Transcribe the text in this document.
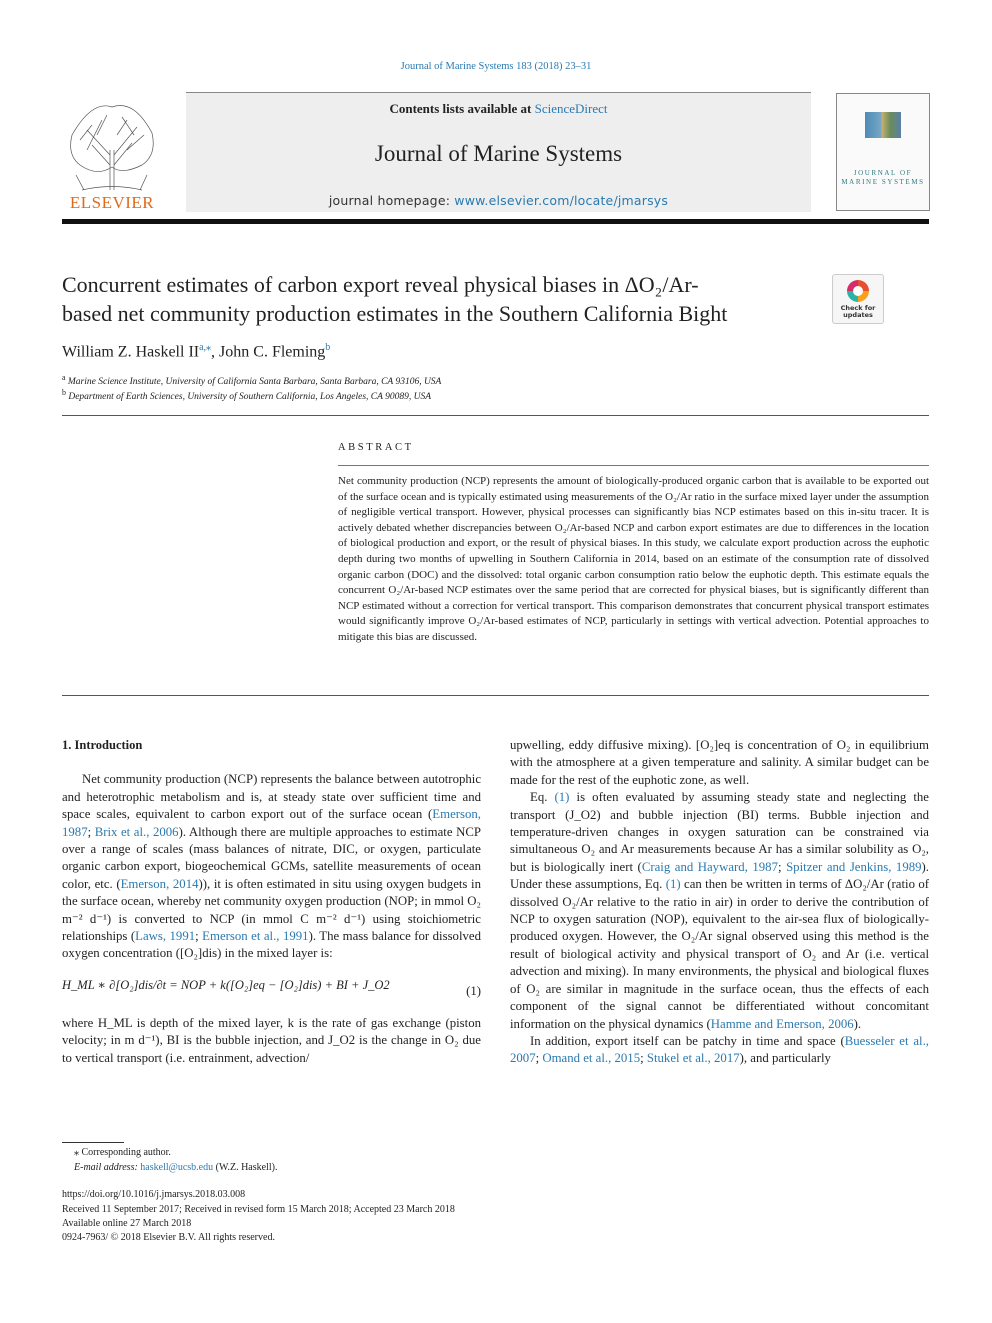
Journal of Marine Systems 183 (2018) 23–31
ELSEVIER
Contents lists available at ScienceDirect
Journal of Marine Systems
journal homepage: www.elsevier.com/locate/jmarsys
JOURNAL OF MARINE SYSTEMS
Concurrent estimates of carbon export reveal physical biases in ΔO₂/Ar-
based net community production estimates in the Southern California Bight	Check for updates
William Z. Haskell $II^{a,⁎}$, John C. Fleming$^b$
$^a$ Marine Science Institute, University of California Santa Barbara, Santa Barbara, CA 93106, USA
$^b$ Department of Earth Sciences, University of Southern California, Los Angeles, CA 90089, USA
ABSTRACT
Net community production (NCP) represents the amount of biologically-produced organic carbon that is available to be exported out of the surface ocean and is typically estimated using measurements of the O₂/Ar ratio in the surface mixed layer under the assumption of negligible vertical transport. However, physical processes can significantly bias NCP estimates based on this in-situ tracer. It is actively debated whether discrepancies between O₂/Ar-based NCP and carbon export estimates are due to differences in the location of biological production and export, or the result of physical biases. In this study, we calculate export production across the euphotic depth during two months of upwelling in Southern California in 2014, based on an estimate of the consumption rate of dissolved organic carbon (DOC) and the dissolved: total organic carbon consumption ratio below the euphotic depth. This estimate equals the concurrent O₂/Ar-based NCP estimates over the same period that are corrected for physical biases, but is significantly different than NCP estimated without a correction for vertical transport. This comparison demonstrates that concurrent physical transport estimates would significantly improve O₂/Ar-based estimates of NCP, particularly in settings with vertical advection. Potential approaches to mitigate this bias are discussed.
1. Introduction

Net community production (NCP) represents the balance between autotrophic and heterotrophic metabolism and is, at steady state over sufficient time and space scales, equivalent to carbon export out of the surface ocean (Emerson, 1987; Brix et al., 2006). Although there are multiple approaches to estimate NCP over a range of scales (mass balances of nitrate, DIC, or oxygen, particulate organic carbon export, biogeochemical GCMs, satellite measurements of ocean color, etc. (Emerson, 2014)), it is often estimated in situ using oxygen budgets in the surface ocean, whereby net community oxygen production (NOP; in mmol O₂ m⁻² d⁻¹) is converted to NCP (in mmol C m⁻² d⁻¹) using stoichiometric relationships (Laws, 1991; Emerson et al., 1991). The mass balance for dissolved oxygen concentration ([O₂]dis) in the mixed layer is:

H_ML ∗ ∂[O₂]dis/∂t = NOP + k([O₂]eq − [O₂]dis) + BI + J_O2	(1)

where H_ML is depth of the mixed layer, k is the rate of gas exchange (piston velocity; in m d⁻¹), BI is the bubble injection, and J_O2 is the change in O₂ due to vertical transport (i.e. entrainment, advection/

upwelling, eddy diffusive mixing). [O₂]eq is concentration of O₂ in equilibrium with the atmosphere at a given temperature and salinity. A similar budget can be made for the rest of the euphotic zone, as well.

Eq. (1) is often evaluated by assuming steady state and neglecting the transport (J_O2) and bubble injection (BI) terms. Bubble injection and temperature-driven changes in oxygen saturation can be constrained via simultaneous O₂ and Ar measurements because Ar has a similar solubility as O₂, but is biologically inert (Craig and Hayward, 1987; Spitzer and Jenkins, 1989). Under these assumptions, Eq. (1) can then be written in terms of ΔO₂/Ar (ratio of dissolved O₂/Ar relative to the ratio in air) in order to derive the contribution of NCP to oxygen saturation (NOP), equivalent to the air-sea flux of biologically-produced oxygen. However, the O₂/Ar signal observed using this method is the result of biological activity and physical transport of O₂ and Ar (i.e. vertical advection and mixing). In many environments, the physical and biological fluxes of O₂ are similar in magnitude in the surface ocean, thus the effects of each component of the signal cannot be differentiated without concomitant information on the physical dynamics (Hamme and Emerson, 2006).

In addition, export itself can be patchy in time and space (Buesseler et al., 2007; Omand et al., 2015; Stukel et al., 2017), and particularly

⁎ Corresponding author.
E-mail address: haskell@ucsb.edu (W.Z. Haskell).
https://doi.org/10.1016/j.jmarsys.2018.03.008
Received 11 September 2017; Received in revised form 15 March 2018; Accepted 23 March 2018
Available online 27 March 2018
0924-7963/ © 2018 Elsevier B.V. All rights reserved.
